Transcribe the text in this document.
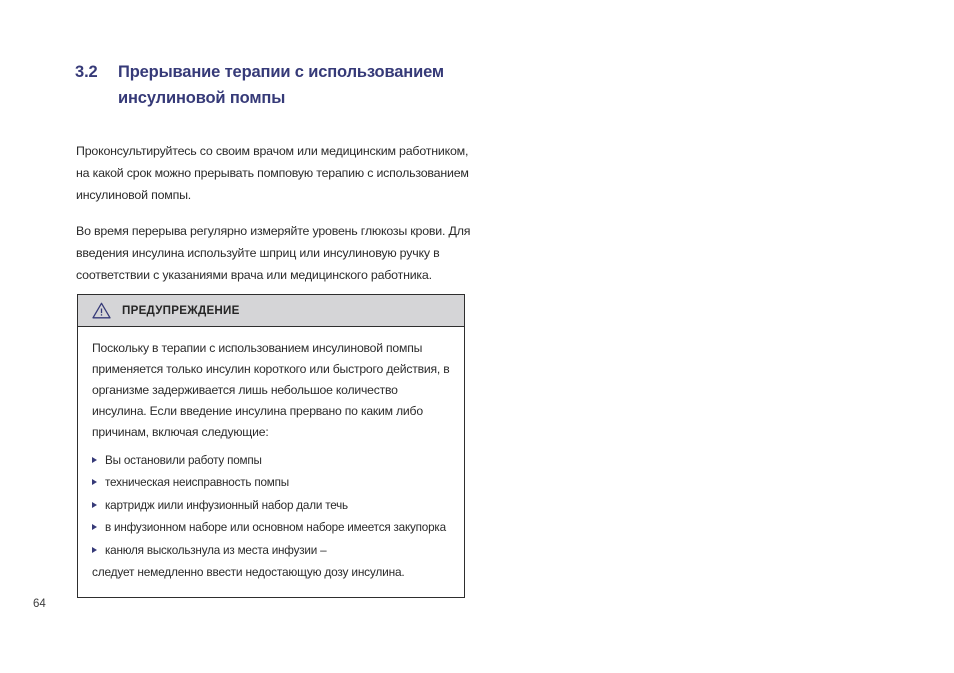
3.2	Прерывание терапии с использованием инсулиновой помпы

Проконсультируйтесь со своим врачом или медицинским работником, на какой срок можно прерывать помповую терапию с использованием инсулиновой помпы.

Во время перерыва регулярно измеряйте уровень глюкозы крови. Для введения инсулина используйте шприц или инсулиновую ручку в соответствии с указаниями врача или медицинского работника.

ПРЕДУПРЕЖДЕНИЕ

Поскольку в терапии с использованием инсулиновой помпы применяется только инсулин короткого или быстрого действия, в организме задерживается лишь небольшое количество инсулина. Если введение инсулина прервано по каким либо причинам, включая следующие:

Вы остановили работу помпы
техническая неисправность помпы
картридж иили инфузионный набор дали течь
в инфузионном наборе или основном наборе имеется закупорка
канюля выскользнула из места инфузии –

следует немедленно ввести недостающую дозу инсулина.

64
